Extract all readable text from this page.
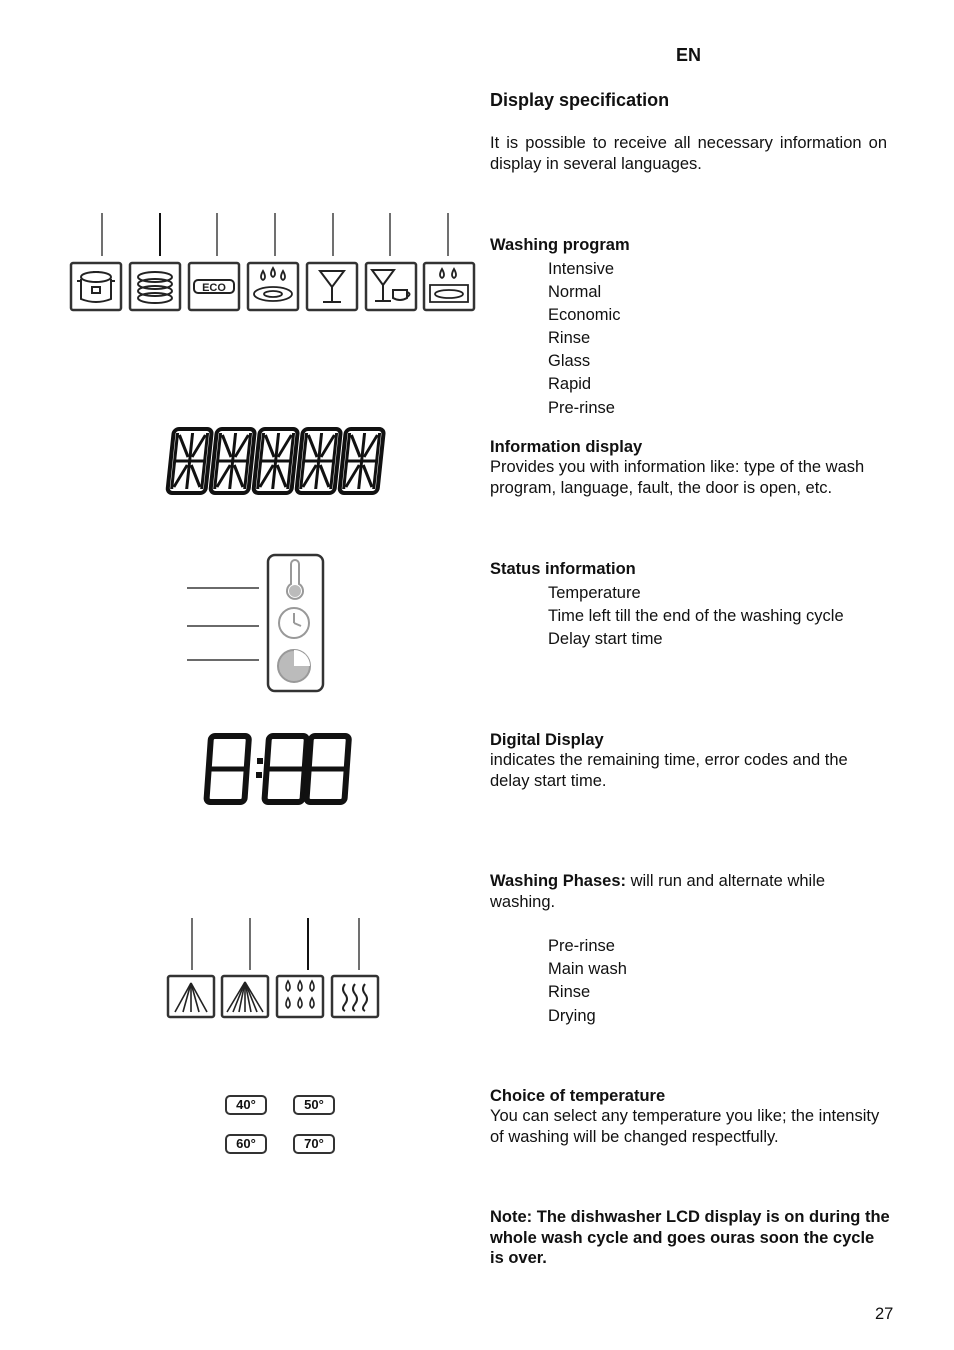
EN
Display specification
It is possible to receive all necessary information on display in several languages.
ECO
Washing program
Intensive
Normal
Economic
Rinse
Glass
Rapid
Pre-rinse
Information display
Provides you with information like: type of the wash program, language, fault, the door is open, etc.
Status information
Temperature
Time left till the end of the washing cycle
Delay start time
Digital Display
indicates the remaining time, error codes and the delay start time.
Washing Phases: will run and alternate while washing.
Pre-rinse
Main wash
Rinse
Drying
40°	50°
60°	70°
Choice of temperature
You can select any temperature you like; the intensity of washing will be changed respectfully.
Note: The dishwasher LCD display is on during the whole wash cycle and goes ouras soon the cycle is over.
27
